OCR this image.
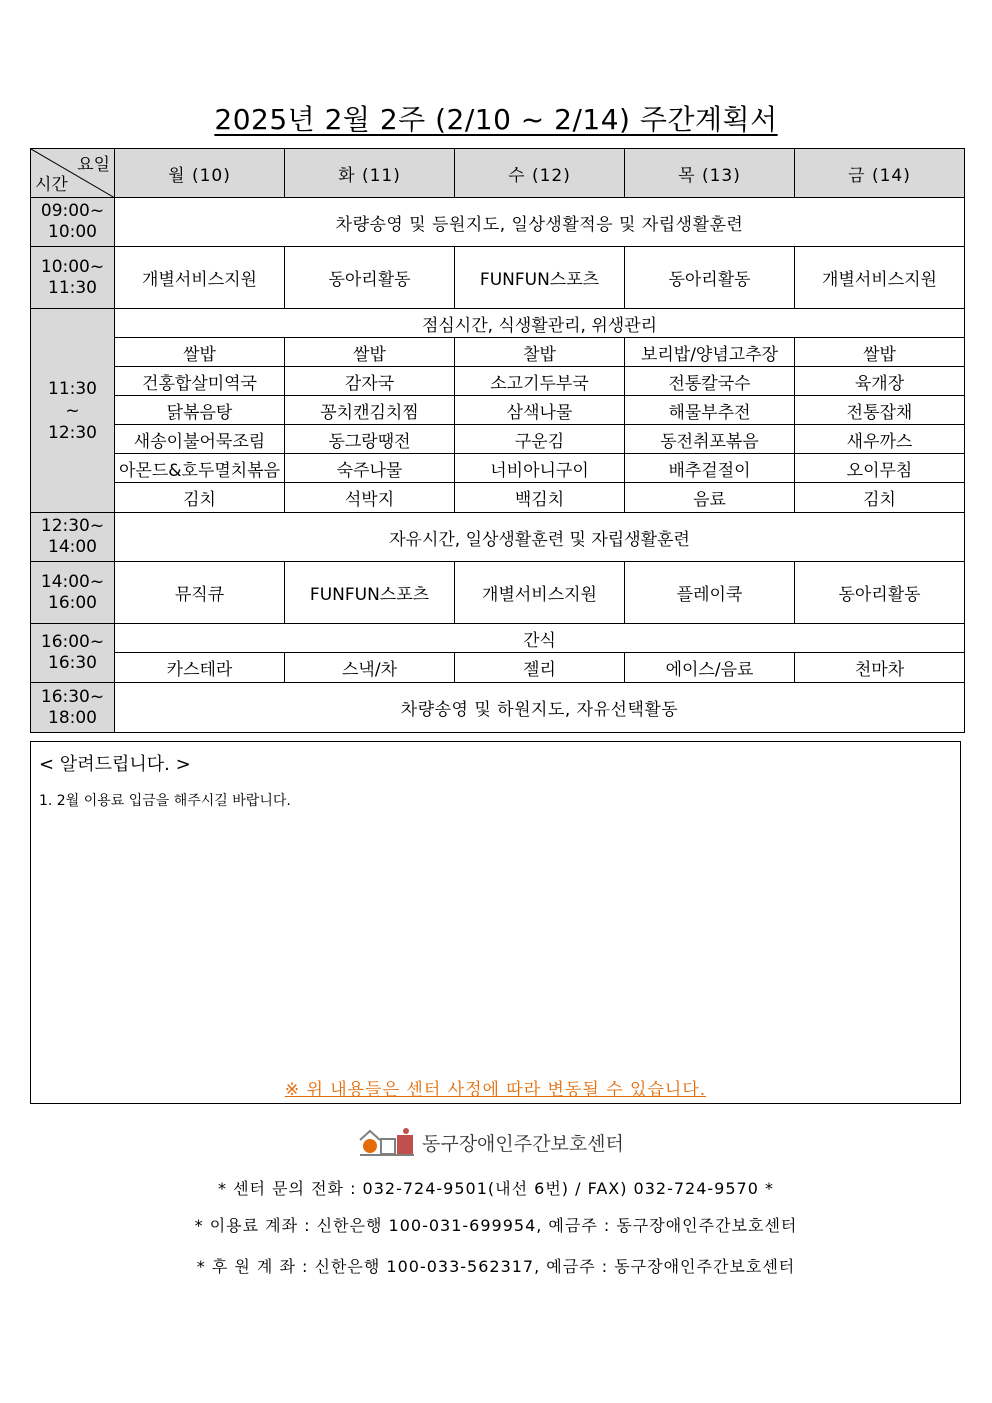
2025년 2월 2주 (2/10 ~ 2/14) 주간계획서
요일
시간	월 (10)	화 (11)	수 (12)	목 (13)	금 (14)

09:00~
10:00	차량송영 및 등원지도, 일상생활적응 및 자립생활훈련				

10:00~
11:30	개별서비스지원	동아리활동	FUNFUN스포츠	동아리활동	개별서비스지원

11:30
~
12:30	점심시간, 식생활관리, 위생관리				
	쌀밥	쌀밥	찰밥	보리밥/양념고추장	쌀밥
	건홍합살미역국	감자국	소고기두부국	전통칼국수	육개장
	닭볶음탕	꽁치캔김치찜	삼색나물	해물부추전	전통잡채
	새송이불어묵조림	동그랑땡전	구운김	동전취포볶음	새우까스
	아몬드&호두멸치볶음	숙주나물	너비아니구이	배추겉절이	오이무침
	김치	석박지	백김치	음료	김치

12:30~
14:00	자유시간, 일상생활훈련 및 자립생활훈련				

14:00~
16:00	뮤직큐	FUNFUN스포츠	개별서비스지원	플레이쿡	동아리활동

16:00~
16:30	간식				
	카스테라	스낵/차	젤리	에이스/음료	천마차

16:30~
18:00	차량송영 및 하원지도, 자유선택활동				
< 알려드립니다. >
1. 2월 이용료 입금을 해주시길 바랍니다.
※ 위 내용들은 센터 사정에 따라 변동될 수 있습니다.
동구장애인주간보호센터
* 센터 문의 전화 : 032-724-9501(내선 6번) / FAX) 032-724-9570 *
* 이용료 계좌 : 신한은행 100-031-699954, 예금주 : 동구장애인주간보호센터
* 후 원 계 좌 : 신한은행 100-033-562317, 예금주 : 동구장애인주간보호센터
